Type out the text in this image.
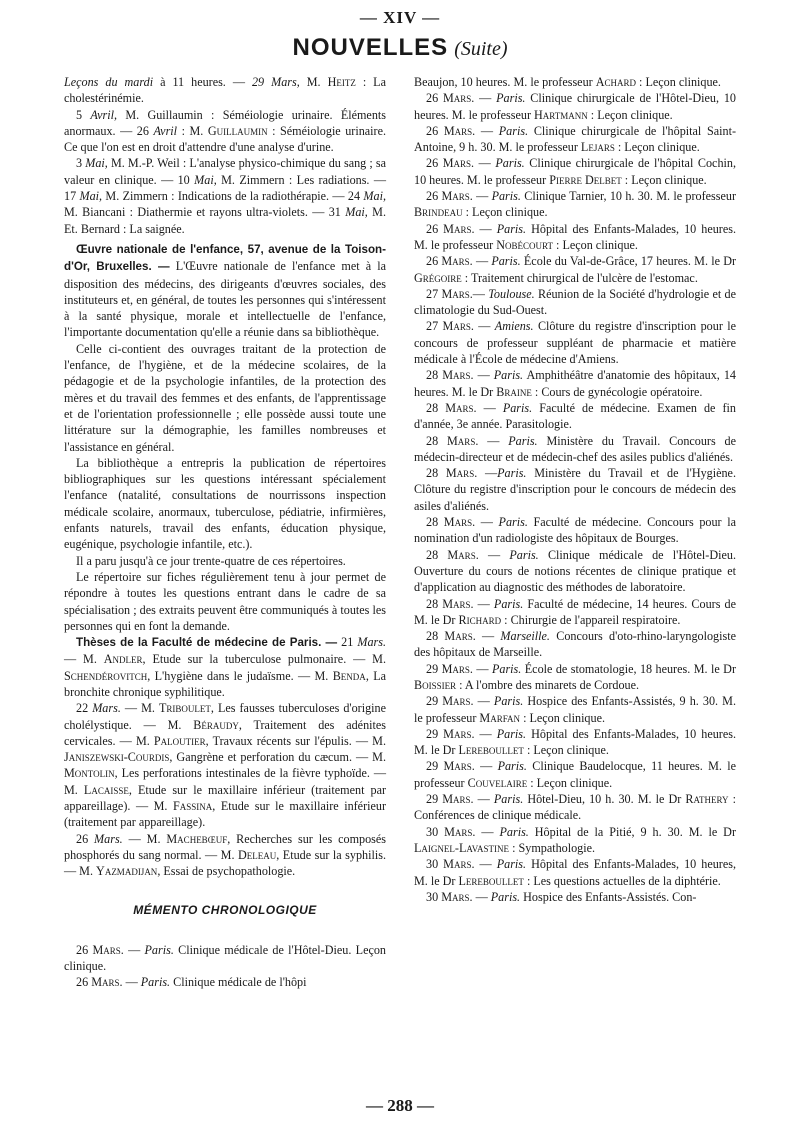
— XIV —
NOUVELLES (Suite)

Leçons du mardi à 11 heures. — 29 Mars, M. Heitz : La cholestérinémie.

5 Avril, M. Guillaumin : Séméiologie urinaire. Éléments anormaux. — 26 Avril : M. Guillaumin : Séméiologie urinaire. Ce que l'on est en droit d'attendre d'une analyse d'urine.

3 Mai, M. M.-P. Weil : L'analyse physico-chimique du sang ; sa valeur en clinique. — 10 Mai, M. Zimmern : Les radiations. — 17 Mai, M. Zimmern : Indications de la radiothérapie. — 24 Mai, M. Biancani : Diathermie et rayons ultra-violets. — 31 Mai, M. Et. Bernard : La saignée.

Œuvre nationale de l'enfance, 57, avenue de la Toison-d'Or, Bruxelles. — L'Œuvre nationale de l'enfance met à la disposition des médecins, des dirigeants d'œuvres sociales, des instituteurs et, en général, de toutes les personnes qui s'intéressent à la santé physique, morale et intellectuelle de l'enfance, l'importante documentation qu'elle a réunie dans sa bibliothèque.

Celle ci-contient des ouvrages traitant de la protection de l'enfance, de l'hygiène, et de la médecine scolaires, de la pédagogie et de la psychologie infantiles, de la protection des mères et du travail des femmes et des enfants, de l'apprentissage et de l'orientation professionnelle ; elle possède aussi toute une littérature sur la démographie, les familles nombreuses et l'assistance en général.

La bibliothèque a entrepris la publication de répertoires bibliographiques sur les questions intéressant spécialement l'enfance (natalité, consultations de nourrissons inspection médicale scolaire, anormaux, tuberculose, pédiatrie, infirmières, enfants naturels, travail des enfants, éducation physique, eugénique, psychologie infantile, etc.).

Il a paru jusqu'à ce jour trente-quatre de ces répertoires.

Le répertoire sur fiches régulièrement tenu à jour permet de répondre à toutes les questions entrant dans le cadre de sa spécialisation ; des extraits peuvent être communiqués à toutes les personnes qui en font la demande.

Thèses de la Faculté de médecine de Paris. — 21 Mars.— M. Andler, Etude sur la tuberculose pulmonaire. — M. Schendérovitch, L'hygiène dans le judaïsme. — M. Benda, La bronchite chronique syphilitique.

22 Mars. — M. Triboulet, Les fausses tuberculoses d'origine cholélystique. — M. Béraudy, Traitement des adénites cervicales. — M. Paloutier, Travaux récents sur l'épulis. — M. Janiszewski-Courdis, Gangrène et perforation du cæcum. — M. Montolin, Les perforations intestinales de la fièvre typhoïde. — M. Lacaisse, Etude sur le maxillaire inférieur (traitement par appareillage). — M. Fassina, Etude sur le maxillaire inférieur (traitement par appareillage).

26 Mars. — M. Machebœuf, Recherches sur les composés phosphorés du sang normal. — M. Deleau, Etude sur la syphilis. — M. Yazmadijan, Essai de psychopathologie.

MÉMENTO CHRONOLOGIQUE

26 Mars. — Paris. Clinique médicale de l'Hôtel-Dieu. Leçon clinique.

26 Mars. — Paris. Clinique médicale de l'hôpi

Beaujon, 10 heures. M. le professeur Achard : Leçon clinique.

26 Mars. — Paris. Clinique chirurgicale de l'Hôtel-Dieu, 10 heures. M. le professeur Hartmann : Leçon clinique.

26 Mars. — Paris. Clinique chirurgicale de l'hôpital Saint-Antoine, 9 h. 30. M. le professeur Lejars : Leçon clinique.

26 Mars. — Paris. Clinique chirurgicale de l'hôpital Cochin, 10 heures. M. le professeur Pierre Delbet : Leçon clinique.

26 Mars. — Paris. Clinique Tarnier, 10 h. 30. M. le professeur Brindeau : Leçon clinique.

26 Mars. — Paris. Hôpital des Enfants-Malades, 10 heures. M. le professeur Nobécourt : Leçon clinique.

26 Mars. — Paris. École du Val-de-Grâce, 17 heures. M. le Dr Grégoire : Traitement chirurgical de l'ulcère de l'estomac.

27 Mars.— Toulouse. Réunion de la Société d'hydrologie et de climatologie du Sud-Ouest.

27 Mars. — Amiens. Clôture du registre d'inscription pour le concours de professeur suppléant de pharmacie et matière médicale à l'École de médecine d'Amiens.

28 Mars. — Paris. Amphithéâtre d'anatomie des hôpitaux, 14 heures. M. le Dr Braine : Cours de gynécologie opératoire.

28 Mars. — Paris. Faculté de médecine. Examen de fin d'année, 3e année. Parasitologie.

28 Mars. — Paris. Ministère du Travail. Concours de médecin-directeur et de médecin-chef des asiles publics d'aliénés.

28 Mars. —Paris. Ministère du Travail et de l'Hygiène. Clôture du registre d'inscription pour le concours de médecin des asiles d'aliénés.

28 Mars. — Paris. Faculté de médecine. Concours pour la nomination d'un radiologiste des hôpitaux de Bourges.

28 Mars. — Paris. Clinique médicale de l'Hôtel-Dieu. Ouverture du cours de notions récentes de clinique pratique et d'application au diagnostic des méthodes de laboratoire.

28 Mars. — Paris. Faculté de médecine, 14 heures. Cours de M. le Dr Richard : Chirurgie de l'appareil respiratoire.

28 Mars. — Marseille. Concours d'oto-rhino-laryngologiste des hôpitaux de Marseille.

29 Mars. — Paris. École de stomatologie, 18 heures. M. le Dr Boissier : A l'ombre des minarets de Cordoue.

29 Mars. — Paris. Hospice des Enfants-Assistés, 9 h. 30. M. le professeur Marfan : Leçon clinique.

29 Mars. — Paris. Hôpital des Enfants-Malades, 10 heures. M. le Dr Lereboullet : Leçon clinique.

29 Mars. — Paris. Clinique Baudelocque, 11 heures. M. le professeur Couvelaire : Leçon clinique.

29 Mars. — Paris. Hôtel-Dieu, 10 h. 30. M. le Dr Rathery : Conférences de clinique médicale.

30 Mars. — Paris. Hôpital de la Pitié, 9 h. 30. M. le Dr Laignel-Lavastine : Sympathologie.

30 Mars. — Paris. Hôpital des Enfants-Malades, 10 heures, M. le Dr Lereboullet : Les questions actuelles de la diphtérie.

30 Mars. — Paris. Hospice des Enfants-Assistés. Con-

— 288 —
